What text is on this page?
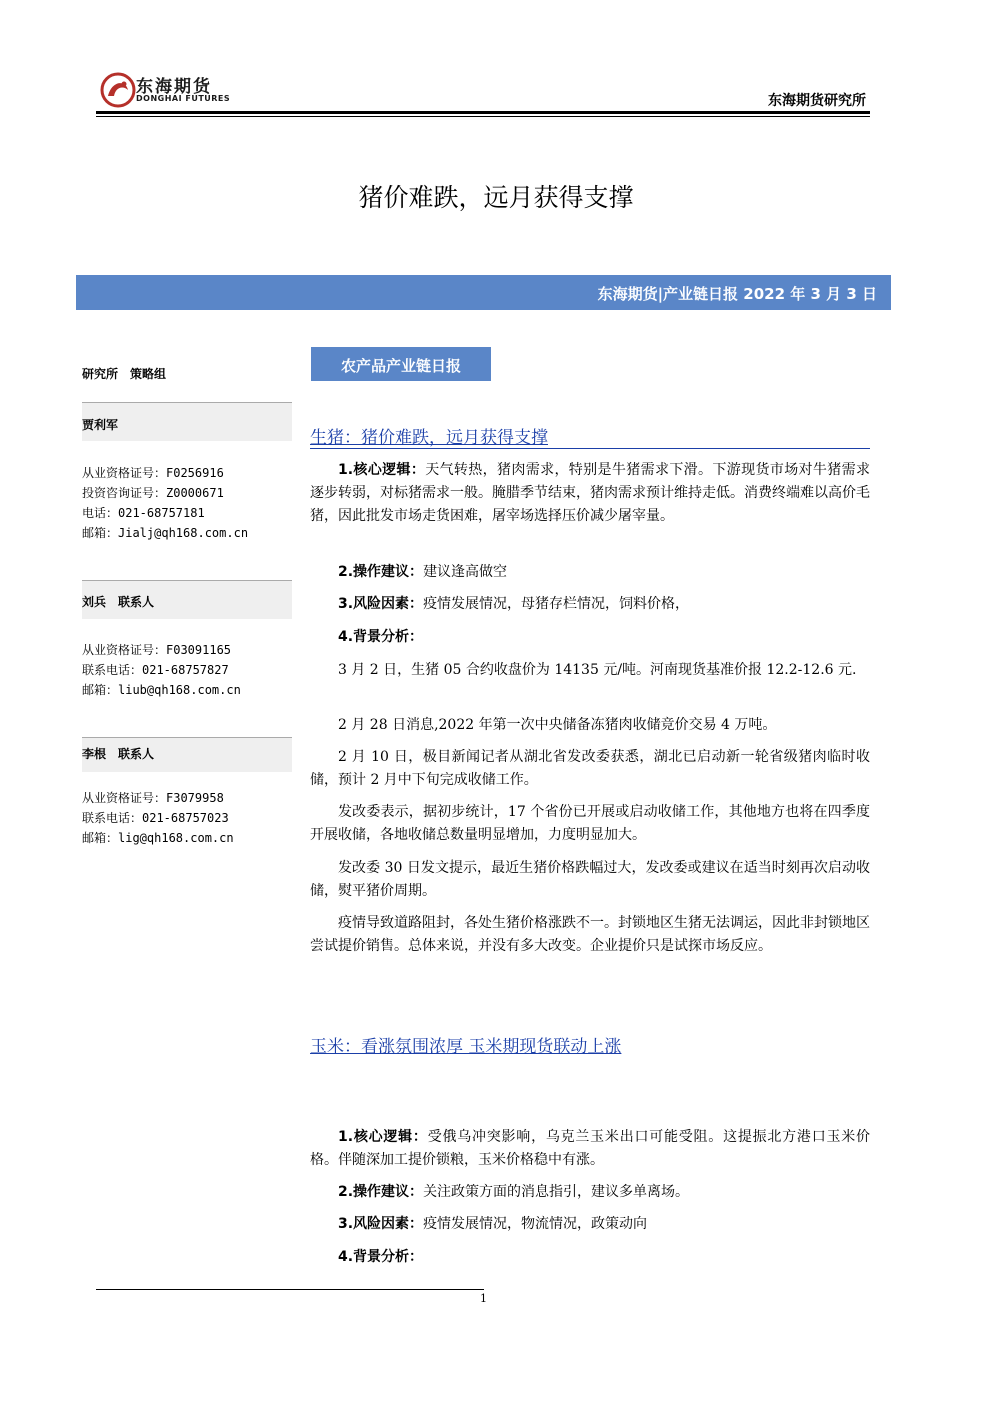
东海期货
DONGHAI FUTURES	东海期货研究所
猪价难跌，远月获得支撑
东海期货|产业链日报 2022 年 3 月 3 日
研究所　策略组
贾利军
从业资格证号：F0256916
投资咨询证号：Z0000671
电话：021-68757181
邮箱：Jialj@qh168.com.cn
刘兵　联系人
从业资格证号：F03091165
联系电话：021-68757827
邮箱：liub@qh168.com.cn
李根　联系人
从业资格证号：F3079958
联系电话：021-68757023
邮箱：lig@qh168.com.cn
农产品产业链日报
生猪：猪价难跌，远月获得支撑
1.核心逻辑：天气转热，猪肉需求，特别是牛猪需求下滑。下游现货市场对牛猪需求逐步转弱，对标猪需求一般。腌腊季节结束，猪肉需求预计维持走低。消费终端难以高价毛猪，因此批发市场走货困难，屠宰场选择压价减少屠宰量。
2.操作建议：建议逢高做空
3.风险因素：疫情发展情况，母猪存栏情况，饲料价格，
4.背景分析：
3 月 2 日，生猪 05 合约收盘价为 14135 元/吨。河南现货基准价报 12.2-12.6 元.
2 月 28 日消息,2022 年第一次中央储备冻猪肉收储竞价交易 4 万吨。
2 月 10 日，极目新闻记者从湖北省发改委获悉，湖北已启动新一轮省级猪肉临时收储，预计 2 月中下旬完成收储工作。
发改委表示，据初步统计，17 个省份已开展或启动收储工作，其他地方也将在四季度开展收储，各地收储总数量明显增加，力度明显加大。
发改委 30 日发文提示，最近生猪价格跌幅过大，发改委或建议在适当时刻再次启动收储，熨平猪价周期。
疫情导致道路阻封，各处生猪价格涨跌不一。封锁地区生猪无法调运，因此非封锁地区尝试提价销售。总体来说，并没有多大改变。企业提价只是试探市场反应。
玉米：看涨氛围浓厚 玉米期现货联动上涨
1.核心逻辑：受俄乌冲突影响，乌克兰玉米出口可能受阻。这提振北方港口玉米价格。伴随深加工提价锁粮，玉米价格稳中有涨。
2.操作建议：关注政策方面的消息指引，建议多单离场。
3.风险因素：疫情发展情况，物流情况，政策动向
4.背景分析：
1
